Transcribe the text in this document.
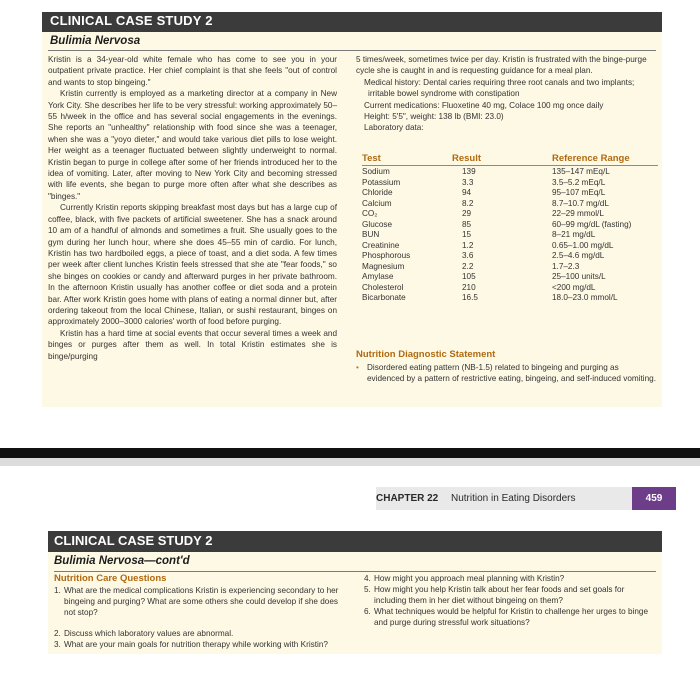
CLINICAL CASE STUDY 2
Bulimia Nervosa

Kristin is a 34-year-old white female who has come to see you in your outpatient private practice. Her chief complaint is that she feels "out of control and wants to stop bingeing."

Kristin currently is employed as a marketing director at a company in New York City. She describes her life to be very stressful: working approximately 50–55 h/week in the office and has several social engagements in the evenings. She reports an "unhealthy" relationship with food since she was a teenager, when she was a "yoyo dieter," and would take various diet pills to lose weight. Her weight as a teenager fluctuated between slightly underweight to normal. Kristin began to purge in college after some of her friends introduced her to the idea of vomiting. Later, after moving to New York City and becoming stressed with life events, she began to purge more often after what she describes as "binges."

Currently Kristin reports skipping breakfast most days but has a large cup of coffee, black, with five packets of artificial sweetener. She has a snack around 10 am of a handful of almonds and sometimes a fruit. She usually goes to the gym during her lunch hour, where she does 45–55 min of cardio. For lunch, Kristin has two hardboiled eggs, a piece of toast, and a diet soda. A few times per week after client lunches Kristin feels stressed that she ate "fear foods," so she binges on cookies or candy and afterward purges in her private bathroom. In the afternoon Kristin usually has another coffee or diet soda and a protein bar. After work Kristin goes home with plans of eating a normal dinner but, after ordering takeout from the local Chinese, Italian, or sushi restaurant, binges on approximately 2000–3000 calories' worth of food before purging.

Kristin has a hard time at social events that occur several times a week and binges or purges after them as well. In total Kristin estimates she is binge/purging

5 times/week, sometimes twice per day. Kristin is frustrated with the binge-purge cycle she is caught in and is requesting guidance for a meal plan.

Medical history: Dental caries requiring three root canals and two implants; irritable bowel syndrome with constipation

Current medications: Fluoxetine 40 mg, Colace 100 mg once daily

Height: 5'5", weight: 138 lb (BMI: 23.0)

Laboratory data:

Test	Result	Reference Range
Sodium	139	135–147 mEq/L
Potassium	3.3	3.5–5.2 mEq/L
Chloride	94	95–107 mEq/L
Calcium	8.2	8.7–10.7 mg/dL
CO₂	29	22–29 mmol/L
Glucose	85	60–99 mg/dL (fasting)
BUN	15	8–21 mg/dL
Creatinine	1.2	0.65–1.00 mg/dL
Phosphorous	3.6	2.5–4.6 mg/dL
Magnesium	2.2	1.7–2.3
Amylase	105	25–100 units/L
Cholesterol	210	<200 mg/dL
Bicarbonate	16.5	18.0–23.0 mmol/L
Nutrition Diagnostic Statement
• Disordered eating pattern (NB-1.5) related to bingeing and purging as evidenced by a pattern of restrictive eating, bingeing, and self-induced vomiting.
CHAPTER 22 Nutrition in Eating Disorders	459
CLINICAL CASE STUDY 2
Bulimia Nervosa—cont'd
Nutrition Care Questions
1. What are the medical complications Kristin is experiencing secondary to her bingeing and purging? What are some others she could develop if she does not stop?
2. Discuss which laboratory values are abnormal.
3. What are your main goals for nutrition therapy while working with Kristin?
4. How might you approach meal planning with Kristin?
5. How might you help Kristin talk about her fear foods and set goals for including them in her diet without bingeing on them?
6. What techniques would be helpful for Kristin to challenge her urges to binge and purge during stressful work situations?
